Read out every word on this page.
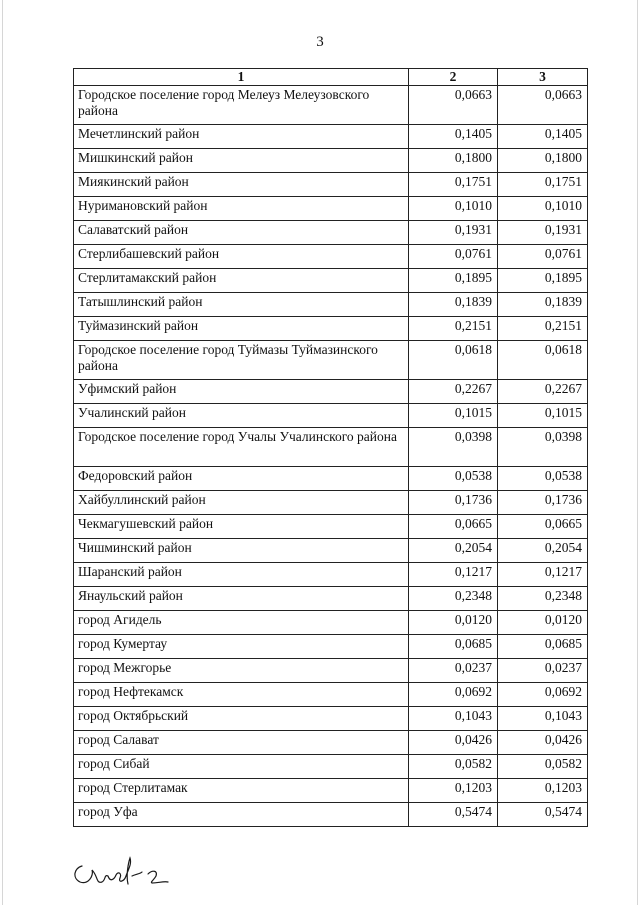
3
1	2	3
Городское поселение город Мелеуз Мелеузовского района	0,0663	0,0663
Мечетлинский район	0,1405	0,1405
Мишкинский район	0,1800	0,1800
Миякинский район	0,1751	0,1751
Нуримановский район	0,1010	0,1010
Салаватский район	0,1931	0,1931
Стерлибашевский район	0,0761	0,0761
Стерлитамакский район	0,1895	0,1895
Татышлинский район	0,1839	0,1839
Туймазинский район	0,2151	0,2151
Городское поселение город Туймазы Туймазинского района	0,0618	0,0618
Уфимский район	0,2267	0,2267
Учалинский район	0,1015	0,1015
Городское поселение город Учалы Учалинского района	0,0398	0,0398
Федоровский район	0,0538	0,0538
Хайбуллинский район	0,1736	0,1736
Чекмагушевский район	0,0665	0,0665
Чишминский район	0,2054	0,2054
Шаранский район	0,1217	0,1217
Янаульский район	0,2348	0,2348
город Агидель	0,0120	0,0120
город Кумертау	0,0685	0,0685
город Межгорье	0,0237	0,0237
город Нефтекамск	0,0692	0,0692
город Октябрьский	0,1043	0,1043
город Салават	0,0426	0,0426
город Сибай	0,0582	0,0582
город Стерлитамак	0,1203	0,1203
город Уфа	0,5474	0,5474
